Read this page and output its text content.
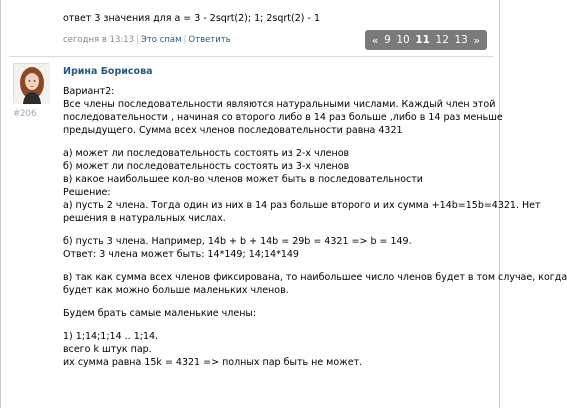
ответ 3 значения для a = 3 - 2sqrt(2); 1; 2sqrt(2) - 1
сегодня в 13:13 | Это спам | Ответить	« 9 10 11 12 13 »
#206
Ирина Борисова
Вариант2:
Все члены последовательности являются натуральными числами. Каждый член этой
последовательности , начиная со второго либо в 14 раз больше ,либо в 14 раз меньше
предыдущего. Сумма всех членов последовательности равна 4321
а) может ли последовательность состоять из 2-х членов
б) может ли последовательность состоять из 3-х членов
в) какое наибольшее кол-во членов может быть в последовательности
Решение:
а) пусть 2 члена. Тогда один из них в 14 раз больше второго и их сумма +14b=15b=4321. Нет
решения в натуральных числах.
б) пусть 3 члена. Например, 14b + b + 14b = 29b = 4321 => b = 149.
Ответ: 3 члена может быть: 14*149; 14;14*149
в) так как сумма всех членов фиксирована, то наибольшее число членов будет в том случае, когда
будет как можно больше маленьких членов.
Будем брать самые маленькие члены:
1) 1;14;1;14 .. 1;14.
всего k штук пар.
их сумма равна 15k = 4321 => полных пар быть не может.
